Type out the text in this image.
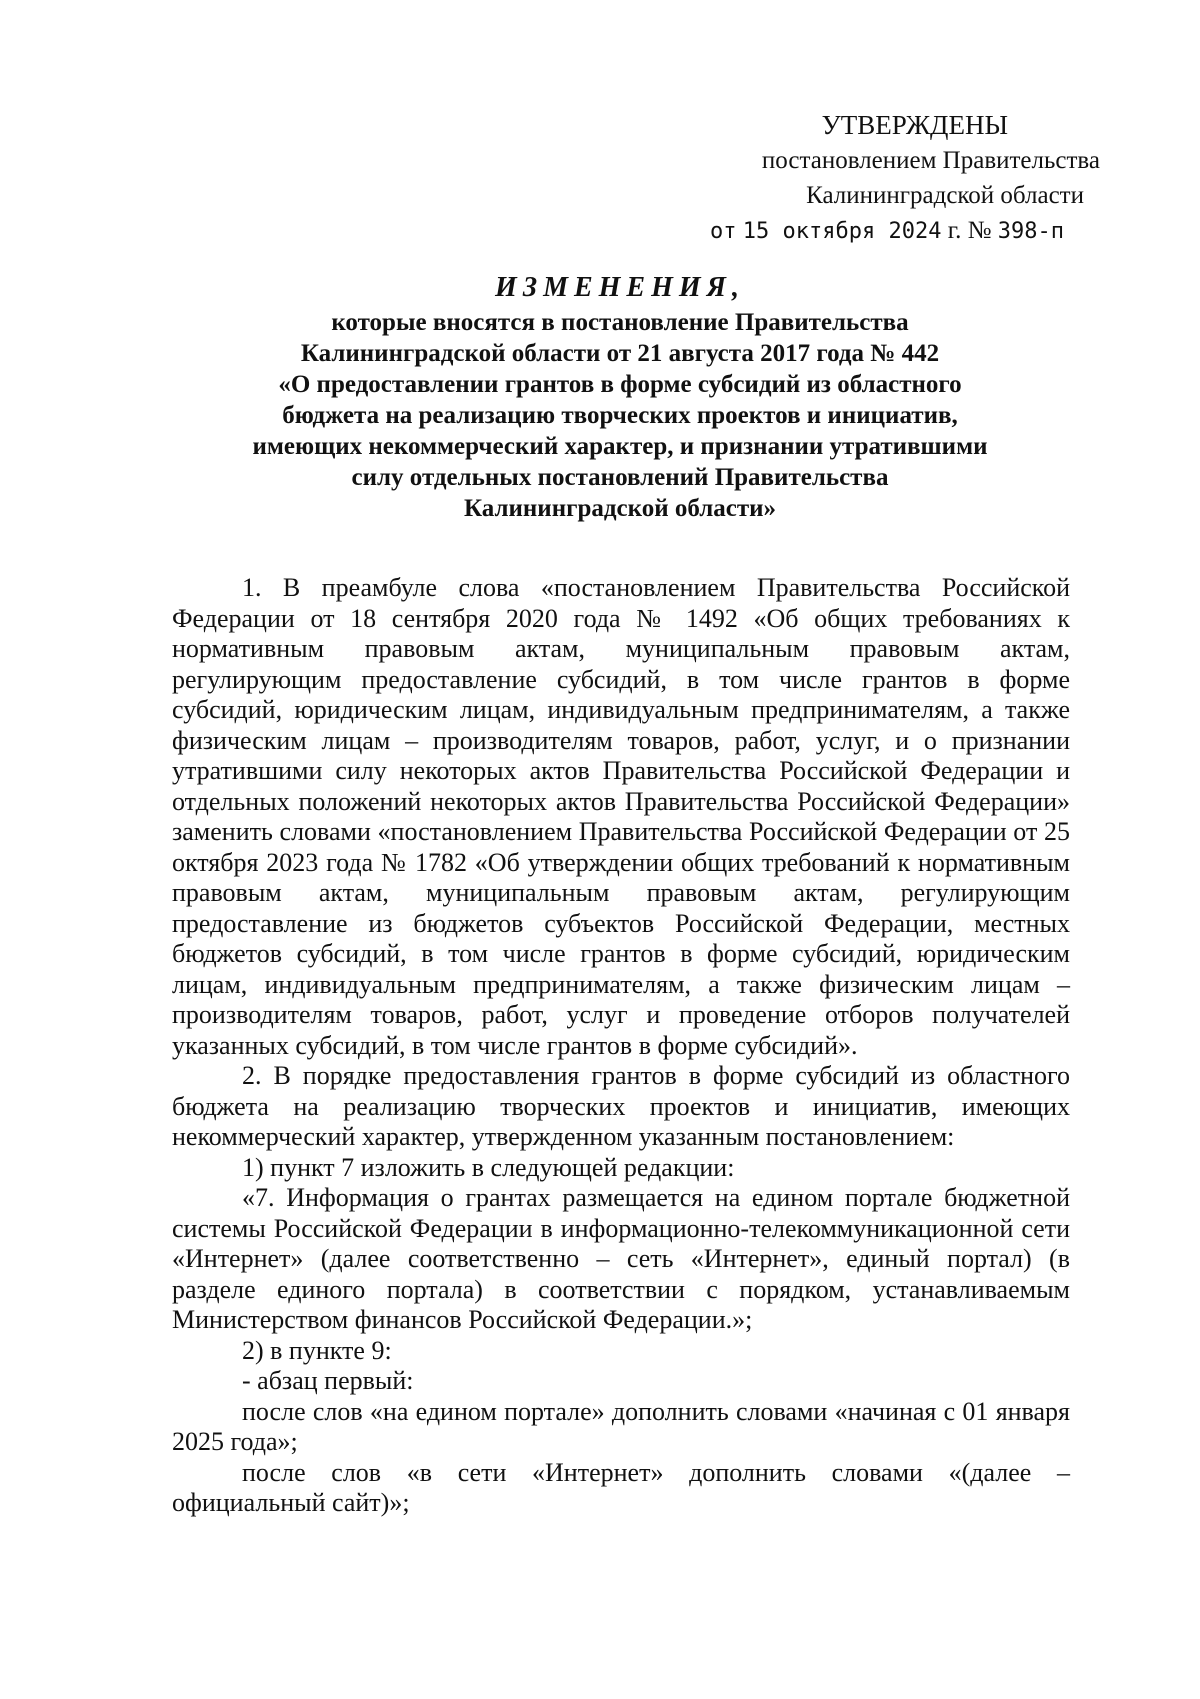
УТВЕРЖДЕНЫ
постановлением Правительства
Калининградской области
от 15 октября 2024 г. № 398-п
ИЗМЕНЕНИЯ,
которые вносятся в постановление Правительства
Калининградской области от 21 августа 2017 года № 442
«О предоставлении грантов в форме субсидий из областного
бюджета на реализацию творческих проектов и инициатив,
имеющих некоммерческий характер, и признании утратившими
силу отдельных постановлений Правительства
Калининградской области»

1. В преамбуле слова «постановлением Правительства Российской Федерации от 18 сентября 2020 года № 1492 «Об общих требованиях к нормативным правовым актам, муниципальным правовым актам, регулирующим предоставление субсидий, в том числе грантов в форме субсидий, юридическим лицам, индивидуальным предпринимателям, а также физическим лицам – производителям товаров, работ, услуг, и о признании утратившими силу некоторых актов Правительства Российской Федерации и отдельных положений некоторых актов Правительства Российской Федерации» заменить словами «постановлением Правительства Российской Федерации от 25 октября 2023 года № 1782 «Об утверждении общих требований к нормативным правовым актам, муниципальным правовым актам, регулирующим предоставление из бюджетов субъектов Российской Федерации, местных бюджетов субсидий, в том числе грантов в форме субсидий, юридическим лицам, индивидуальным предпринимателям, а также физическим лицам – производителям товаров, работ, услуг и проведение отборов получателей указанных субсидий, в том числе грантов в форме субсидий».

2. В порядке предоставления грантов в форме субсидий из областного бюджета на реализацию творческих проектов и инициатив, имеющих некоммерческий характер, утвержденном указанным постановлением:

1) пункт 7 изложить в следующей редакции:

«7. Информация о грантах размещается на едином портале бюджетной системы Российской Федерации в информационно-телекоммуникационной сети «Интернет» (далее соответственно – сеть «Интернет», единый портал) (в разделе единого портала) в соответствии с порядком, устанавливаемым Министерством финансов Российской Федерации.»;

2) в пункте 9:

- абзац первый:

после слов «на едином портале» дополнить словами «начиная с 01 января 2025 года»;

после слов «в сети «Интернет» дополнить словами «(далее – официальный сайт)»;
